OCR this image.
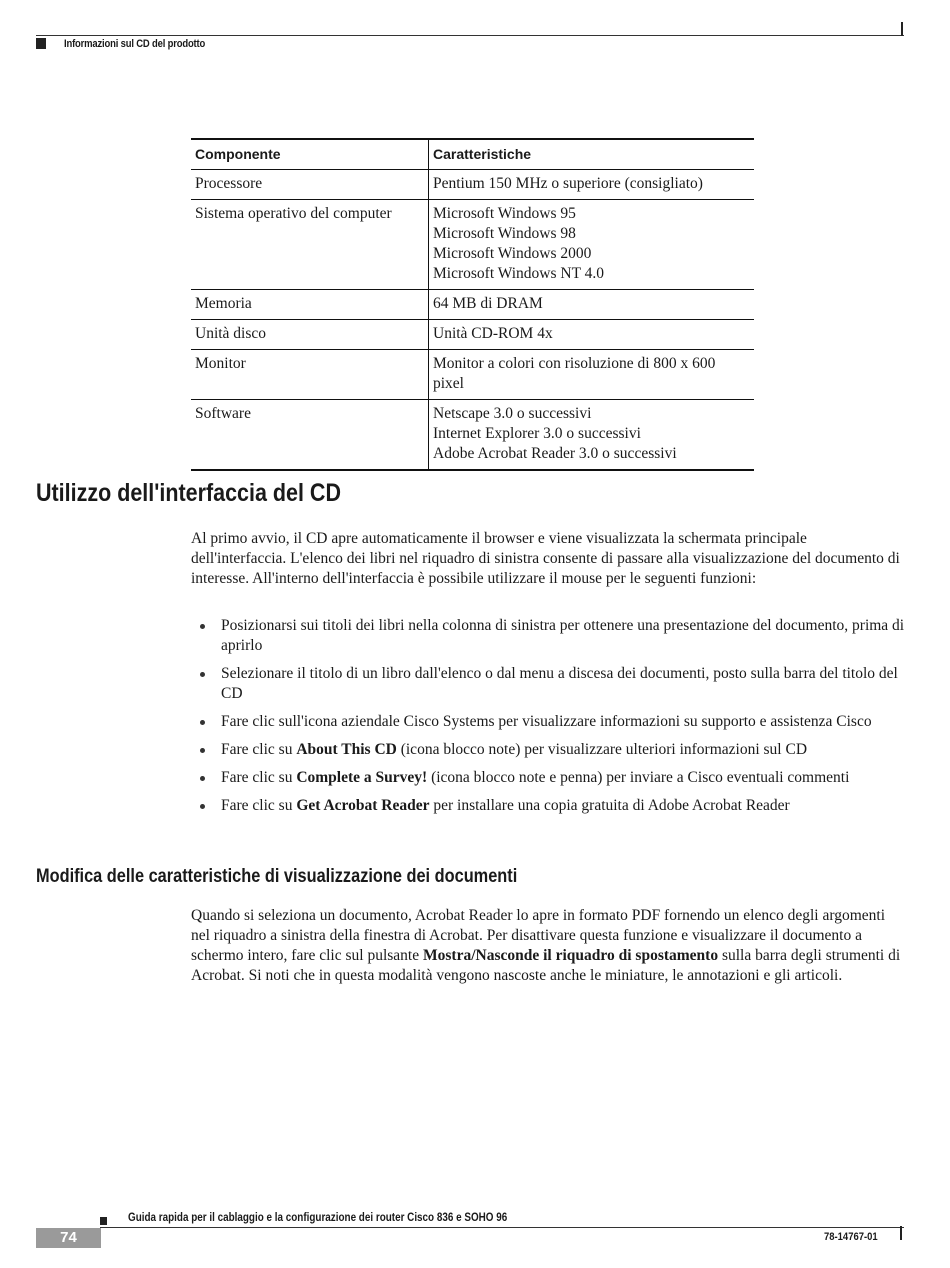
Informazioni sul CD del prodotto
Componente	Caratteristiche
Processore	Pentium 150 MHz o superiore (consigliato)

Sistema operativo del computer	Microsoft Windows 95
Microsoft Windows 98
Microsoft Windows 2000
Microsoft Windows NT 4.0

Memoria	64 MB di DRAM

Unità disco	Unità CD-ROM 4x

Monitor	Monitor a colori con risoluzione di 800 x 600
pixel

Software	Netscape 3.0 o successivi
Internet Explorer 3.0 o successivi
Adobe Acrobat Reader 3.0 o successivi
Utilizzo dell'interfaccia del CD
Al primo avvio, il CD apre automaticamente il browser e viene visualizzata la schermata principale dell'interfaccia. L'elenco dei libri nel riquadro di sinistra consente di passare alla visualizzazione del documento di interesse. All'interno dell'interfaccia è possibile utilizzare il mouse per le seguenti funzioni:
Posizionarsi sui titoli dei libri nella colonna di sinistra per ottenere una presentazione del documento, prima di aprirlo
Selezionare il titolo di un libro dall'elenco o dal menu a discesa dei documenti, posto sulla barra del titolo del CD
Fare clic sull'icona aziendale Cisco Systems per visualizzare informazioni su supporto e assistenza Cisco
Fare clic su About This CD (icona blocco note) per visualizzare ulteriori informazioni sul CD
Fare clic su Complete a Survey! (icona blocco note e penna) per inviare a Cisco eventuali commenti
Fare clic su Get Acrobat Reader per installare una copia gratuita di Adobe Acrobat Reader
Modifica delle caratteristiche di visualizzazione dei documenti
Quando si seleziona un documento, Acrobat Reader lo apre in formato PDF fornendo un elenco degli argomenti nel riquadro a sinistra della finestra di Acrobat. Per disattivare questa funzione e visualizzare il documento a schermo intero, fare clic sul pulsante Mostra/Nasconde il riquadro di spostamento sulla barra degli strumenti di Acrobat. Si noti che in questa modalità vengono nascoste anche le miniature, le annotazioni e gli articoli.
Guida rapida per il cablaggio e la configurazione dei router Cisco 836 e SOHO 96
74	78-14767-01
